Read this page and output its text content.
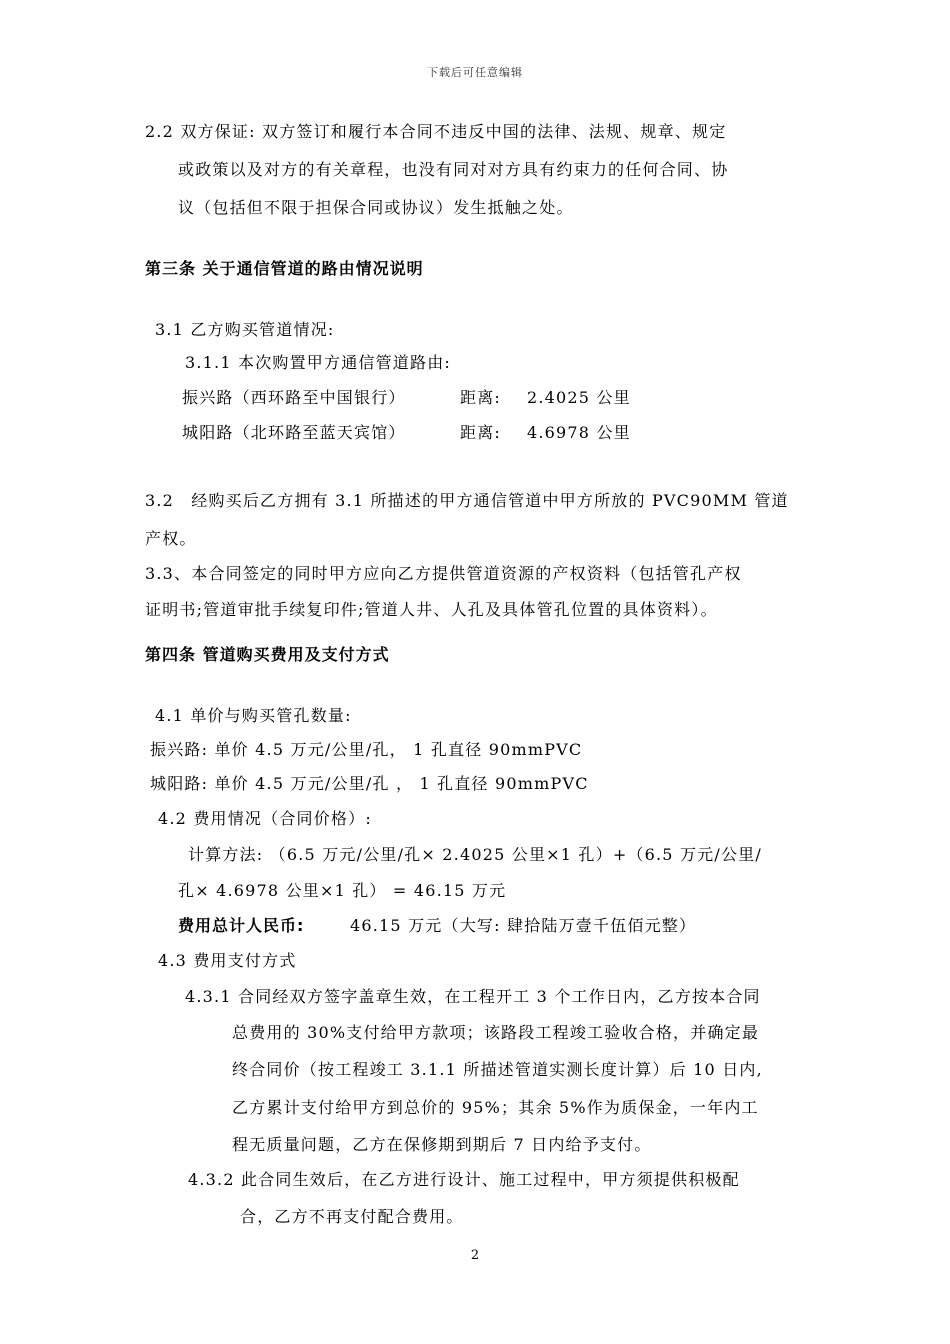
下载后可任意编辑
2.2 双方保证: 双方签订和履行本合同不违反中国的法律、法规、规章、规定
或政策以及对方的有关章程，也没有同对对方具有约束力的任何合同、协
议（包括但不限于担保合同或协议）发生抵触之处。
第三条 关于通信管道的路由情况说明
3.1 乙方购买管道情况:
3.1.1 本次购置甲方通信管道路由:
振兴路（西环路至中国银行）	距离: 2.4025 公里
城阳路（北环路至蓝天宾馆）	距离: 4.6978 公里
3.2　经购买后乙方拥有 3.1 所描述的甲方通信管道中甲方所放的 PVC90MM 管道
产权。
3.3、本合同签定的同时甲方应向乙方提供管道资源的产权资料（包括管孔产权
证明书;管道审批手续复印件;管道人井、人孔及具体管孔位置的具体资料）。
第四条 管道购买费用及支付方式
4.1 单价与购买管孔数量:
振兴路: 单价 4.5 万元/公里/孔， 1 孔直径 90mmPVC
城阳路: 单价 4.5 万元/公里/孔 ， 1 孔直径 90mmPVC
4.2 费用情况（合同价格）:
计算方法: （6.5 万元/公里/孔× 2.4025 公里×1 孔）+（6.5 万元/公里/
孔× 4.6978 公里×1 孔） = 46.15 万元
费用总计人民币:	46.15 万元（大写: 肆拾陆万壹千伍佰元整）
4.3 费用支付方式
4.3.1 合同经双方签字盖章生效，在工程开工 3 个工作日内，乙方按本合同
总费用的 30%支付给甲方款项；该路段工程竣工验收合格，并确定最
终合同价（按工程竣工 3.1.1 所描述管道实测长度计算）后 10 日内,
乙方累计支付给甲方到总价的 95%；其余 5%作为质保金，一年内工
程无质量问题，乙方在保修期到期后 7 日内给予支付。
4.3.2 此合同生效后，在乙方进行设计、施工过程中，甲方须提供积极配
合，乙方不再支付配合费用。
2
